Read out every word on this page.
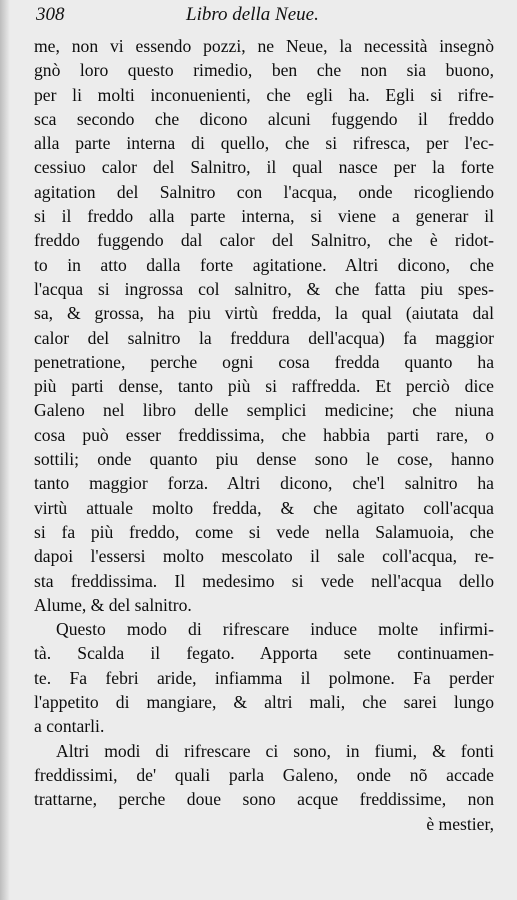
308	Libro della Neue.
me, non vi essendo pozzi, ne Neue, la necessità insegnò
gnò loro questo rimedio, ben che non sia buono,
per li molti inconuenienti, che egli ha. Egli si rifre-
sca secondo che dicono alcuni fuggendo il freddo
alla parte interna di quello, che si rifresca, per l'ec-
cessiuo calor del Salnitro, il qual nasce per la forte
agitation del Salnitro con l'acqua, onde ricogliendo
si il freddo alla parte interna, si viene a generar il
freddo fuggendo dal calor del Salnitro, che è ridot-
to in atto dalla forte agitatione. Altri dicono, che
l'acqua si ingrossa col salnitro, & che fatta piu spes-
sa, & grossa, ha piu virtù fredda, la qual (aiutata dal
calor del salnitro la freddura dell'acqua) fa maggior
penetratione, perche ogni cosa fredda quanto ha
più parti dense, tanto più si raffredda. Et perciò dice
Galeno nel libro delle semplici medicine; che niuna
cosa può esser freddissima, che habbia parti rare, o
sottili; onde quanto piu dense sono le cose, hanno
tanto maggior forza. Altri dicono, che'l salnitro ha
virtù attuale molto fredda, & che agitato coll'acqua
si fa più freddo, come si vede nella Salamuoia, che
dapoi l'essersi molto mescolato il sale coll'acqua, re-
sta freddissima. Il medesimo si vede nell'acqua dello
Alume, & del salnitro.
Questo modo di rifrescare induce molte infirmi-
tà. Scalda il fegato. Apporta sete continuamen-
te. Fa febri aride, infiamma il polmone. Fa perder
l'appetito di mangiare, & altri mali, che sarei lungo
a contarli.
Altri modi di rifrescare ci sono, in fiumi, & fonti
freddissimi, de' quali parla Galeno, onde nõ accade
trattarne, perche doue sono acque freddissime, non
è mestier,
